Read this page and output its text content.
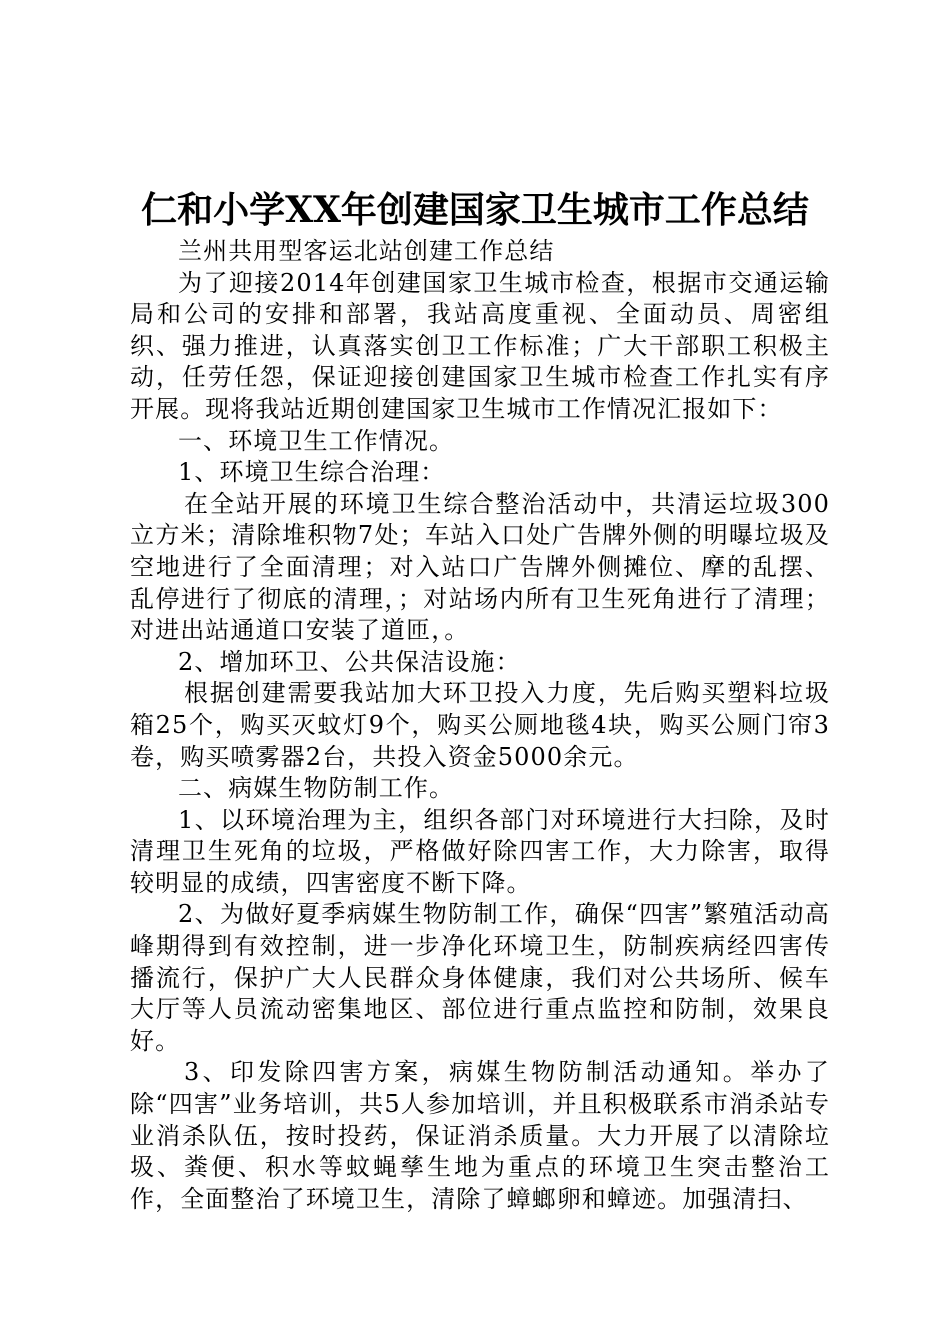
仁和小学XX年创建国家卫生城市工作总结

兰州共用型客运北站创建工作总结

为了迎接2014年创建国家卫生城市检查，根据市交通运输局和公司的安排和部署，我站高度重视、全面动员、周密组织、强力推进，认真落实创卫工作标准；广大干部职工积极主动，任劳任怨，保证迎接创建国家卫生城市检查工作扎实有序开展。现将我站近期创建国家卫生城市工作情况汇报如下：

一、环境卫生工作情况。

1、环境卫生综合治理：

在全站开展的环境卫生综合整治活动中，共清运垃圾300立方米；清除堆积物7处；车站入口处广告牌外侧的明曝垃圾及空地进行了全面清理；对入站口广告牌外侧摊位、摩的乱摆、乱停进行了彻底的清理，；对站场内所有卫生死角进行了清理；对进出站通道口安装了道匝，。

2、增加环卫、公共保洁设施：

根据创建需要我站加大环卫投入力度，先后购买塑料垃圾箱25个，购买灭蚊灯9个，购买公厕地毯4块，购买公厕门帘3卷，购买喷雾器2台，共投入资金5000余元。

二、病媒生物防制工作。

1、以环境治理为主，组织各部门对环境进行大扫除，及时清理卫生死角的垃圾，严格做好除四害工作，大力除害，取得较明显的成绩，四害密度不断下降。

2、为做好夏季病媒生物防制工作，确保“四害”繁殖活动高峰期得到有效控制，进一步净化环境卫生，防制疾病经四害传播流行，保护广大人民群众身体健康，我们对公共场所、候车大厅等人员流动密集地区、部位进行重点监控和防制，效果良好。

3、印发除四害方案，病媒生物防制活动通知。举办了除“四害”业务培训，共5人参加培训，并且积极联系市消杀站专业消杀队伍，按时投药，保证消杀质量。大力开展了以清除垃圾、粪便、积水等蚊蝇孳生地为重点的环境卫生突击整治工作，全面整治了环境卫生，清除了蟑螂卵和蟑迹。加强清扫、
